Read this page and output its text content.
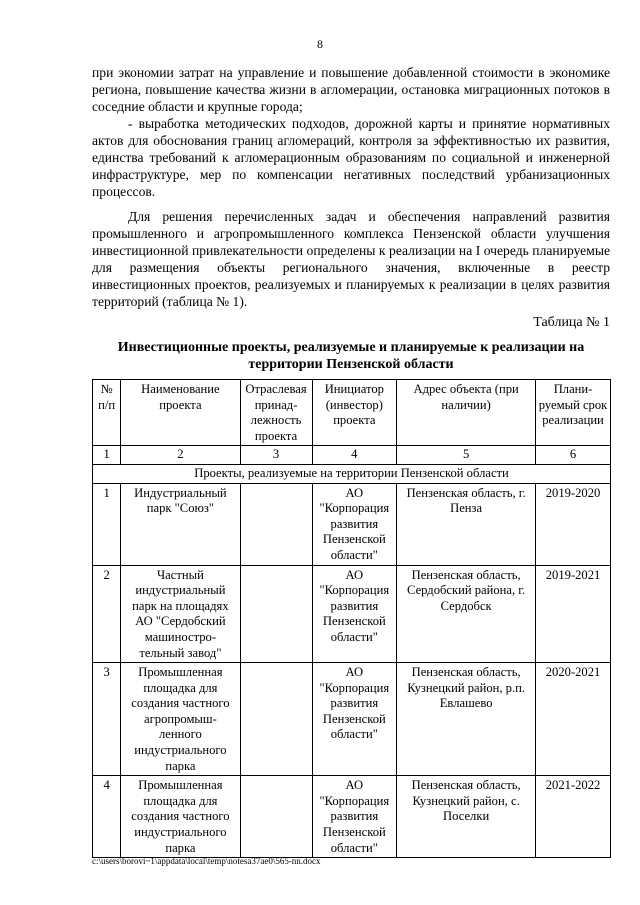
8

при экономии затрат на управление и повышение добавленной стоимости в экономике региона, повышение качества жизни в агломерации, остановка миграционных потоков в соседние области и крупные города;

- выработка методических подходов, дорожной карты и принятие нормативных актов для обоснования границ агломераций, контроля за эффективностью их развития, единства требований к агломерационным образованиям по социальной и инженерной инфраструктуре, мер по компенсации негативных последствий урбанизационных процессов.

Для решения перечисленных задач и обеспечения направлений развития промышленного и агропромышленного комплекса Пензенской области улучшения инвестиционной привлекательности определены к реализации на I очередь планируемые для размещения объекты регионального значения, включенные в реестр инвестиционных проектов, реализуемых и планируемых к реализации в целях развития территорий (таблица № 1).

Таблица № 1
Инвестиционные проекты, реализуемые и планируемые к реализации на территории Пензенской области
№ п/п	Наименование проекта	Отраслевая принад- лежность проекта	Инициатор (инвестор) проекта	Адрес объекта (при наличии)	Плани- руемый срок реализации
1	2	3	4	5	6
Проекты, реализуемые на территории Пензенской области					
1	Индустриальный парк "Союз"		АО "Корпорация развития Пензенской области"	Пензенская область, г. Пенза	2019-2020
2	Частный индустриальный парк на площадях АО "Сердобский машиностро- тельный завод"		АО "Корпорация развития Пензенской области"	Пензенская область, Сердобский района, г. Сердобск	2019-2021
3	Промышленная площадка для создания частного агропромыш- ленного индустриального парка		АО "Корпорация развития Пензенской области"	Пензенская область, Кузнецкий район, р.п. Евлашево	2020-2021
4	Промышленная площадка для создания частного индустриального парка		АО "Корпорация развития Пензенской области"	Пензенская область, Кузнецкий район, с. Поселки	2021-2022
c:\users\borovi~1\appdata\local\temp\notesa37ae0\565-nn.docx
